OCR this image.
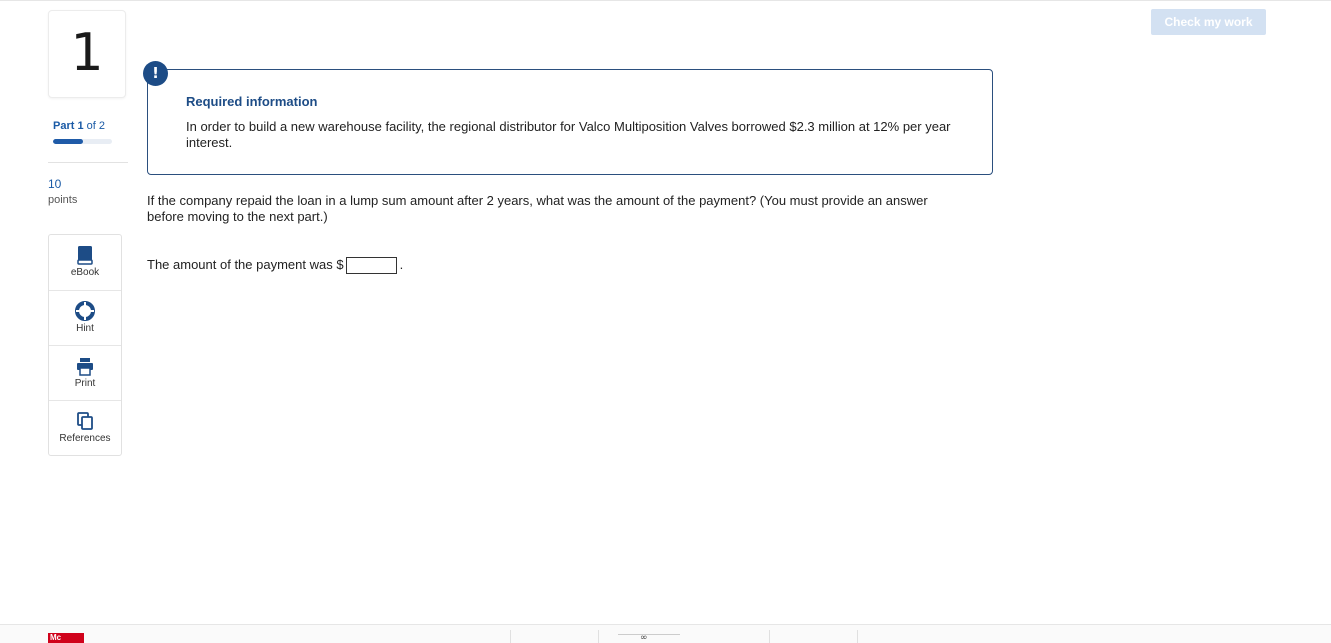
Check my work
1
Part 1 of 2
10
points
eBook
Hint
Print
References
!
Required information
In order to build a new warehouse facility, the regional distributor for Valco Multiposition Valves borrowed $2.3 million at 12% per year interest.
If the company repaid the loan in a lump sum amount after 2 years, what was the amount of the payment? (You must provide an answer before moving to the next part.)
The amount of the payment was $	.
Mc	∞
